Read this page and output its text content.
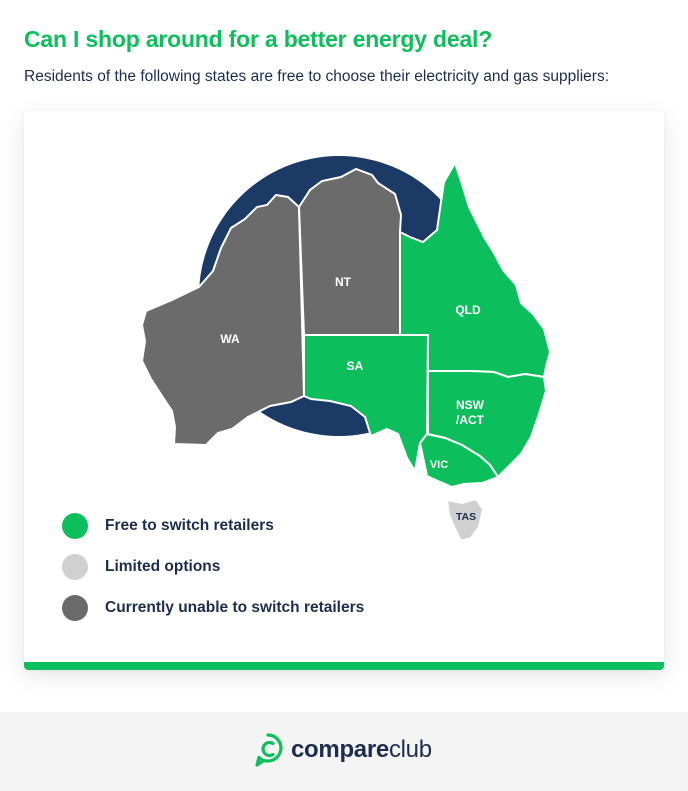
Can I shop around for a better energy deal?

Residents of the following states are free to choose their electricity and gas suppliers:

WA
NT
SA
QLD
NSW
/ACT
VIC
TAS
Free to switch retailers
Limited options
Currently unable to switch retailers
compareclub
